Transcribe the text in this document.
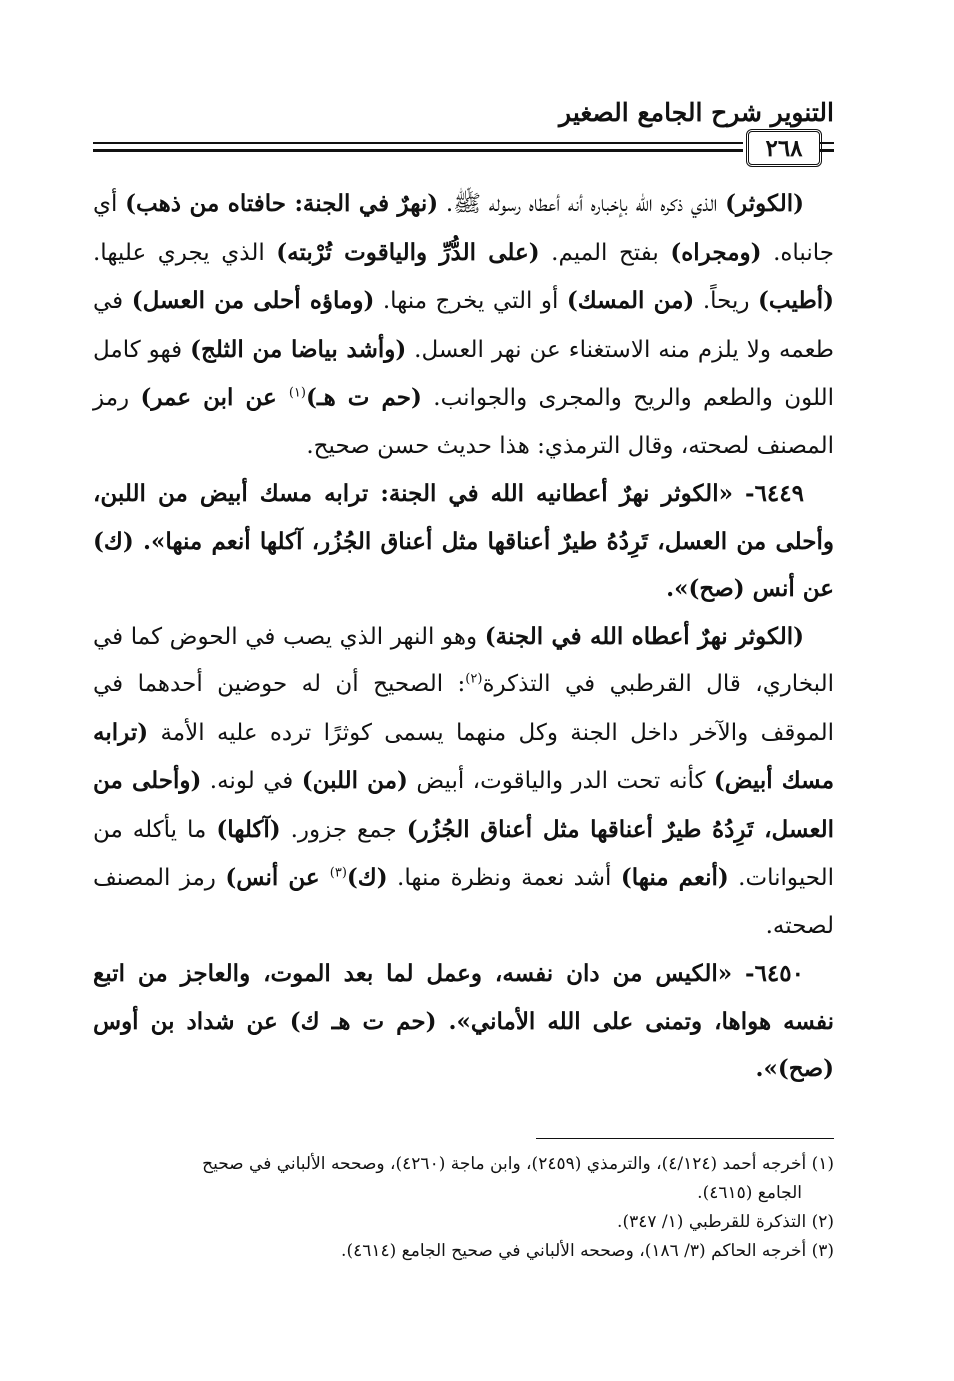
التنوير شرح الجامع الصغير
٢٦٨

(الكوثر) الذي ذكره الله بإخباره أنه أعطاه رسوله ﷺ. (نهرٌ في الجنة: حافتاه من ذهب) أي جانباه. (ومجراه) بفتح الميم. (على الدُّرِّ والياقوت تُرْبته) الذي يجري عليها. (أطيب) ريحاً. (من المسك) أو التي يخرج منها. (وماؤه أحلى من العسل) في طعمه ولا يلزم منه الاستغناء عن نهر العسل. (وأشد بياضا من الثلج) فهو كامل اللون والطعم والريح والمجرى والجوانب. (حم ت هـ)$^{(١)}$ عن ابن عمر) رمز المصنف لصحته، وقال الترمذي: هذا حديث حسن صحيح.

٦٤٤٩- «الكوثر نهرٌ أعطانيه الله في الجنة: ترابه مسك أبيض من اللبن، وأحلى من العسل، تَرِدُهُ طيرٌ أعناقها مثل أعناق الجُزُر، آكلها أنعم منها». (ك) عن أنس (صح)».

(الكوثر نهرٌ أعطاه الله في الجنة) وهو النهر الذي يصب في الحوض كما في البخاري، قال القرطبي في التذكرة$^{(٢)}$: الصحيح أن له حوضين أحدهما في الموقف والآخر داخل الجنة وكل منهما يسمى كوثرًا ترده عليه الأمة (ترابه مسك أبيض) كأنه تحت الدر والياقوت، أبيض (من اللبن) في لونه. (وأحلى من العسل، تَرِدُهُ طيرٌ أعناقها مثل أعناق الجُزُر) جمع جزور. (آكلها) ما يأكله من الحيوانات. (أنعم منها) أشد نعمة ونظرة منها. (ك)$^{(٣)}$ عن أنس) رمز المصنف لصحته.

٦٤٥٠- «الكيس من دان نفسه، وعمل لما بعد الموت، والعاجز من اتبع نفسه هواها، وتمنى على الله الأماني». (حم ت هـ ك) عن شداد بن أوس (صح)».

(١) أخرجه أحمد (٤/١٢٤)، والترمذي (٢٤٥٩)، وابن ماجة (٤٢٦٠)، وصححه الألباني في صحيح

الجامع (٤٦١٥).

(٢) التذكرة للقرطبي (١/ ٣٤٧).

(٣) أخرجه الحاكم (٣/ ١٨٦)، وصححه الألباني في صحيح الجامع (٤٦١٤).
